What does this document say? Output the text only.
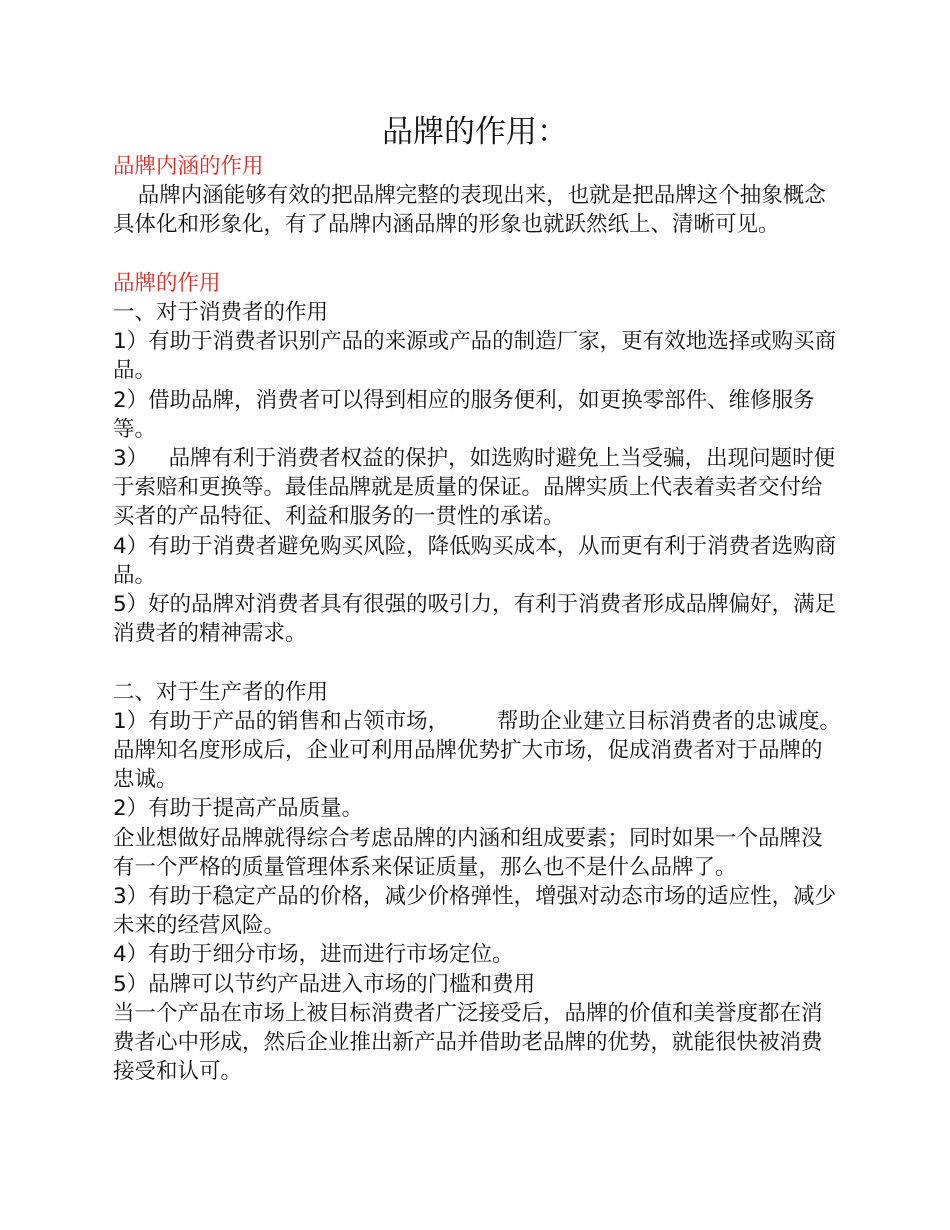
品牌的作用：

品牌内涵的作用

品牌内涵能够有效的把品牌完整的表现出来，也就是把品牌这个抽象概念具体化和形象化，有了品牌内涵品牌的形象也就跃然纸上、清晰可见。

品牌的作用

一、对于消费者的作用

1）有助于消费者识别产品的来源或产品的制造厂家，更有效地选择或购买商品。

2）借助品牌，消费者可以得到相应的服务便利，如更换零部件、维修服务等。

3）   品牌有利于消费者权益的保护，如选购时避免上当受骗，出现问题时便于索赔和更换等。最佳品牌就是质量的保证。品牌实质上代表着卖者交付给买者的产品特征、利益和服务的一贯性的承诺。

4）有助于消费者避免购买风险，降低购买成本，从而更有利于消费者选购商品。

5）好的品牌对消费者具有很强的吸引力，有利于消费者形成品牌偏好，满足消费者的精神需求。

二、对于生产者的作用

1）有助于产品的销售和占领市场，       帮助企业建立目标消费者的忠诚度。

品牌知名度形成后，企业可利用品牌优势扩大市场，促成消费者对于品牌的忠诚。

2）有助于提高产品质量。

企业想做好品牌就得综合考虑品牌的内涵和组成要素；同时如果一个品牌没有一个严格的质量管理体系来保证质量，那么也不是什么品牌了。

3）有助于稳定产品的价格，减少价格弹性，增强对动态市场的适应性，减少未来的经营风险。

4）有助于细分市场，进而进行市场定位。

5）品牌可以节约产品进入市场的门槛和费用

当一个产品在市场上被目标消费者广泛接受后，品牌的价值和美誉度都在消费者心中形成，然后企业推出新产品并借助老品牌的优势，就能很快被消费接受和认可。
